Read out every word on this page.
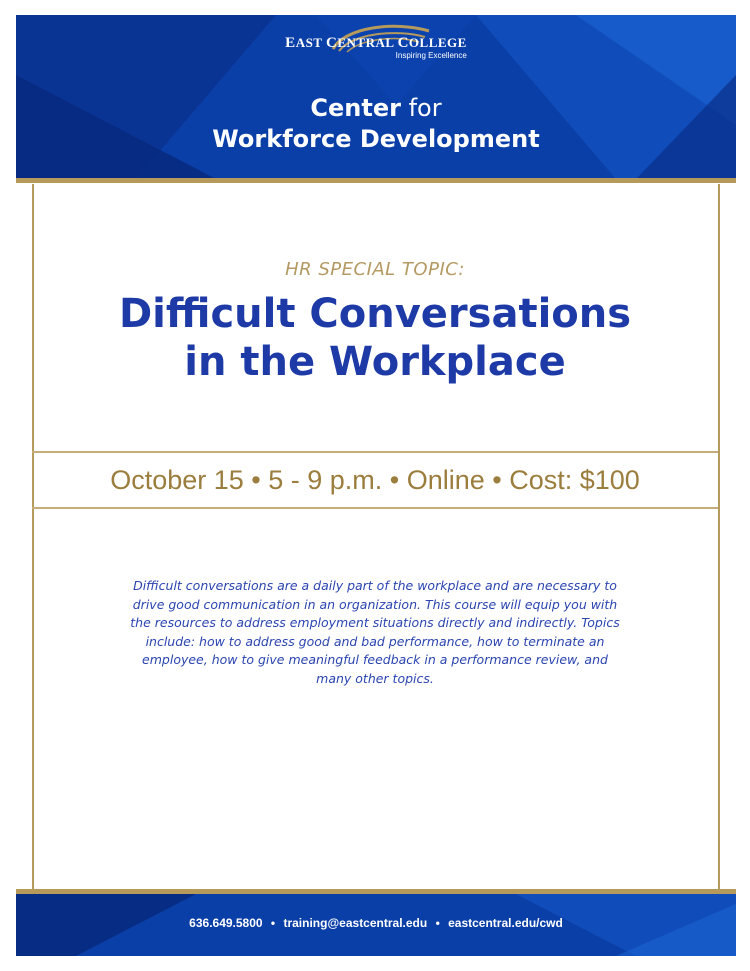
EAST CENTRAL COLLEGE
Inspiring Excellence
Center for
Workforce Development
HR SPECIAL TOPIC:
Difficult Conversations
in the Workplace
October 15 • 5 - 9 p.m. • Online • Cost: $100
Difficult conversations are a daily part of the workplace and are necessary to drive good communication in an organization. This course will equip you with the resources to address employment situations directly and indirectly. Topics include: how to address good and bad performance, how to terminate an employee, how to give meaningful feedback in a performance review, and many other topics.
636.649.5800 • training@eastcentral.edu • eastcentral.edu/cwd
